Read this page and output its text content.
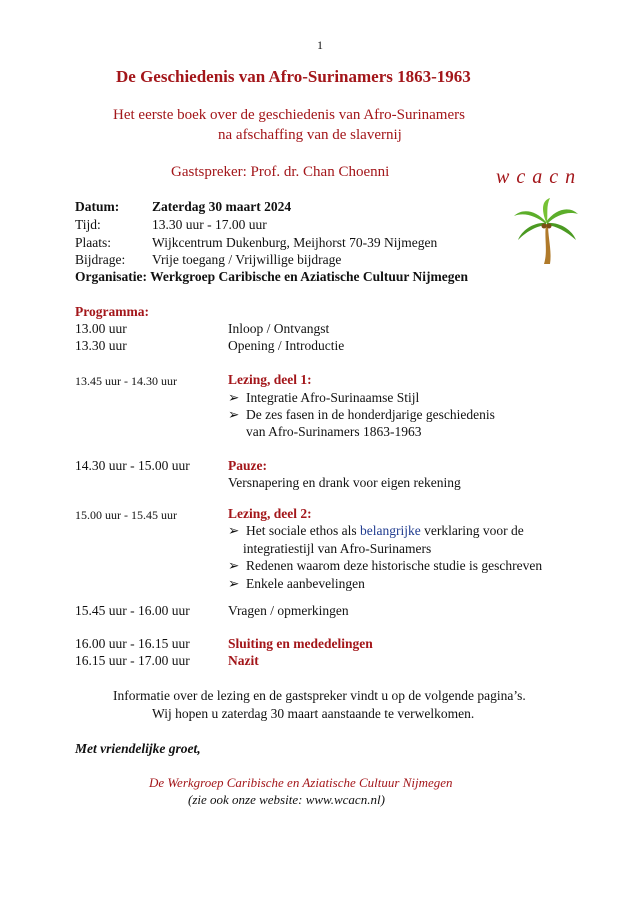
1
De Geschiedenis van Afro-Surinamers 1863-1963
Het eerste boek over de geschiedenis van Afro-Surinamers
na afschaffing van de slavernij
Gastspreker: Prof. dr. Chan Choenni	w c a c n
Datum: Zaterdag 30 maart 2024
Tijd:	13.30 uur - 17.00 uur
Plaats:	Wijkcentrum Dukenburg, Meijhorst 70-39 Nijmegen
Bijdrage: Vrije toegang / Vrijwillige bijdrage
Organisatie: Werkgroep Caribische en Aziatische Cultuur Nijmegen
Programma:
13.00 uur	Inloop / Ontvangst
13.30 uur	Opening / Introductie
13.45 uur - 14.30 uur	Lezing, deel 1:
➢ Integratie Afro-Surinaamse Stijl
➢ De zes fasen in de honderdjarige geschiedenis
van Afro-Surinamers 1863-1963
14.30 uur - 15.00 uur	Pauze:
Versnapering en drank voor eigen rekening
15.00 uur - 15.45 uur	Lezing, deel 2:
➢ Het sociale ethos als belangrijke verklaring voor de
integratiestijl van Afro-Surinamers
➢ Redenen waarom deze historische studie is geschreven
➢ Enkele aanbevelingen
15.45 uur - 16.00 uur	Vragen / opmerkingen
16.00 uur - 16.15 uur	Sluiting en mededelingen
16.15 uur - 17.00 uur	Nazit
Informatie over de lezing en de gastspreker vindt u op de volgende pagina’s.
Wij hopen u zaterdag 30 maart aanstaande te verwelkomen.
Met vriendelijke groet,
De Werkgroep Caribische en Aziatische Cultuur Nijmegen
(zie ook onze website: www.wcacn.nl)
